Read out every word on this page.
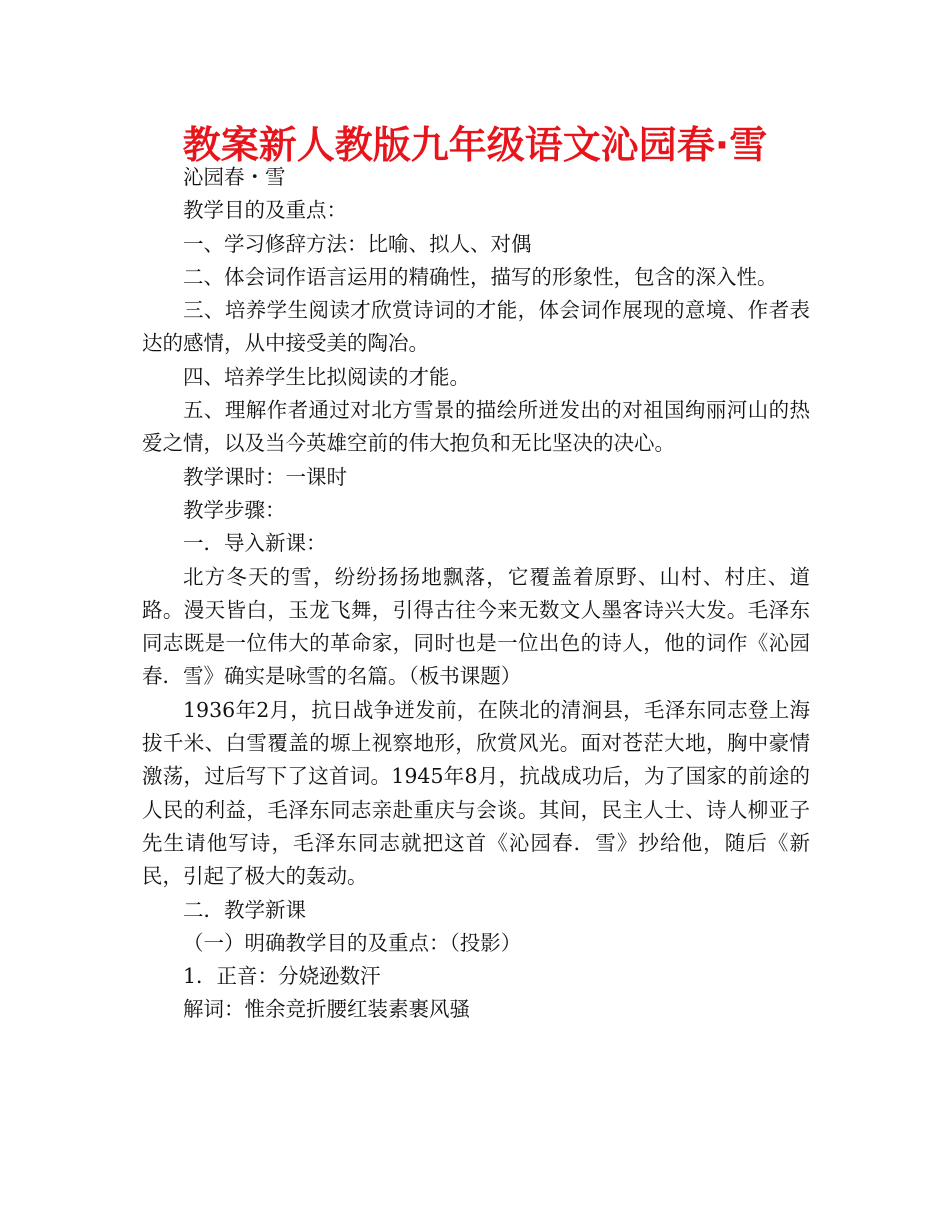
教案新人教版九年级语文沁园春·雪

沁园春・雪

教学目的及重点：

一、学习修辞方法：比喻、拟人、对偶

二、体会词作语言运用的精确性，描写的形象性，包含的深入性。

三、培养学生阅读才欣赏诗词的才能，体会词作展现的意境、作者表达的感情，从中接受美的陶冶。

四、培养学生比拟阅读的才能。

五、理解作者通过对北方雪景的描绘所迸发出的对祖国绚丽河山的热爱之情，以及当今英雄空前的伟大抱负和无比坚决的决心。

教学课时：一课时

教学步骤：

一．导入新课：

北方冬天的雪，纷纷扬扬地飘落，它覆盖着原野、山村、村庄、道路。漫天皆白，玉龙飞舞，引得古往今来无数文人墨客诗兴大发。毛泽东同志既是一位伟大的革命家，同时也是一位出色的诗人，他的词作《沁园春．雪》确实是咏雪的名篇。（板书课题）

1936年2月，抗日战争迸发前，在陕北的清涧县，毛泽东同志登上海拔千米、白雪覆盖的塬上视察地形，欣赏风光。面对苍茫大地，胸中豪情激荡，过后写下了这首词。1945年8月，抗战成功后，为了国家的前途的人民的利益，毛泽东同志亲赴重庆与会谈。其间，民主人士、诗人柳亚子先生请他写诗，毛泽东同志就把这首《沁园春．雪》抄给他，随后《新民，引起了极大的轰动。

二．教学新课

（一）明确教学目的及重点：（投影）

1．正音：分娆逊数汗

解词：惟余竞折腰红装素裹风骚
